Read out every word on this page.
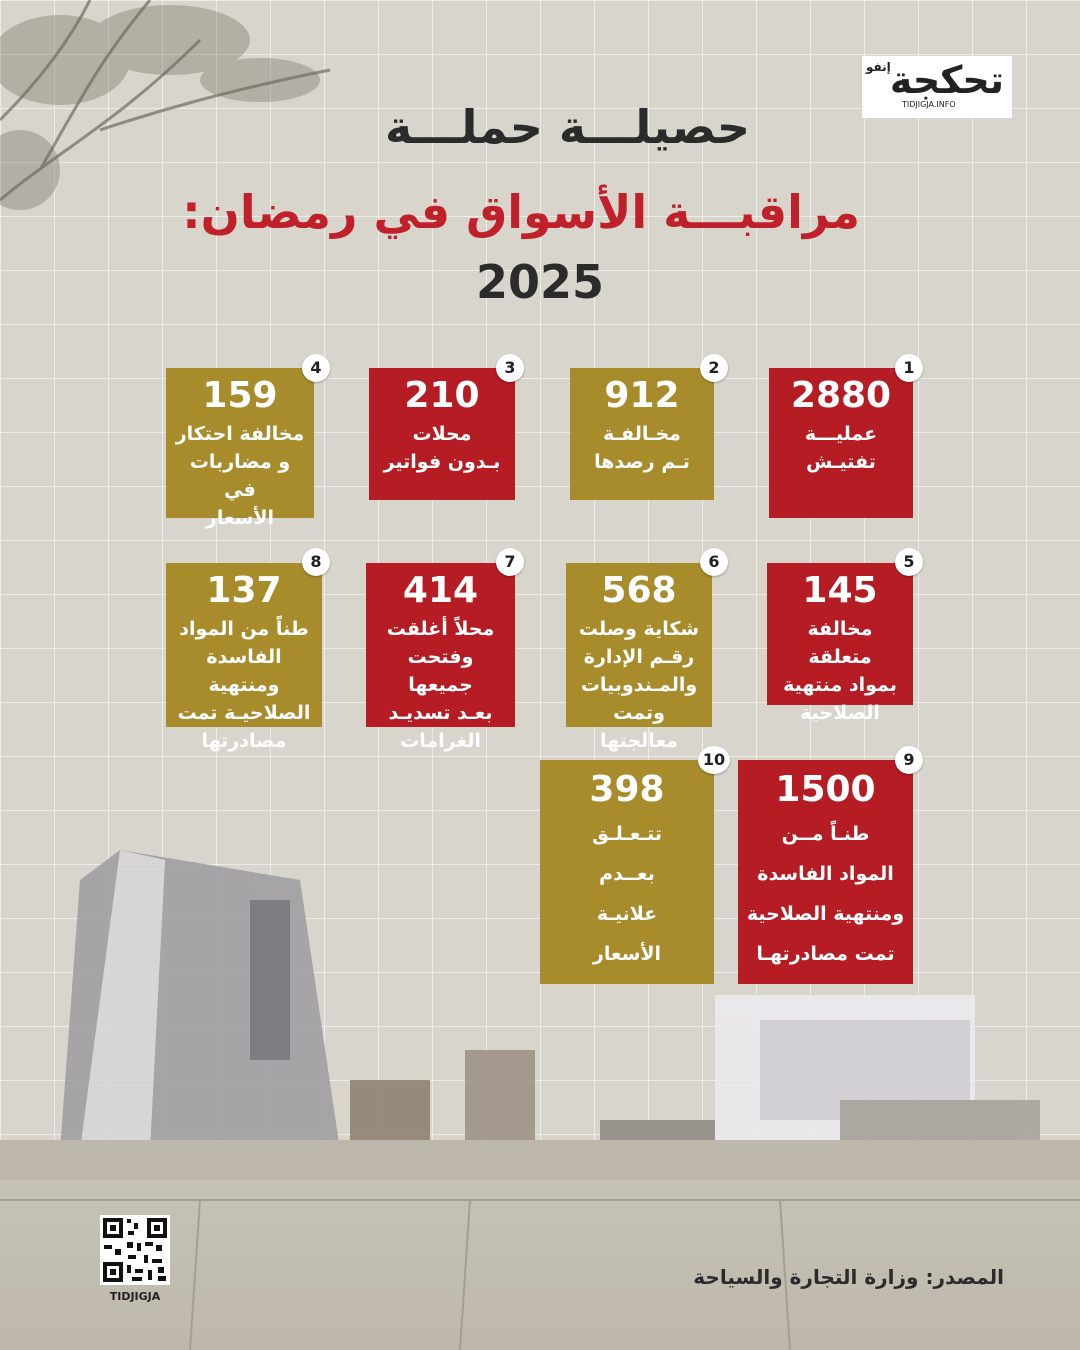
إنفو تحكجة
TIDJIGJA.INFO
حصيلـــة حملـــة
مراقبـــة الأسواق في رمضان:
2025
2880
عمليـــة
تفتيـش
1
912
مخـالفـة
تـم رصدها
2
210
محلات
بـدون فواتير
3
159
مخالفة احتكار
و مضاربات في
الأسعار
4
145
مخالفة متعلقة
بمواد منتهية
الصلاحية
5
568
شكاية وصلت
رقـم الإدارة
والمـندوبيات
وتمت معالجتها
6
414
محلاً أغلقت
وفتحت جميعها
بعـد تسديـد
الغرامات
7
137
طناً من المواد
الفاسدة ومنتهية
الصلاحيـة تمت
مصادرتها
8
1500
طنـاً مــن
المواد الفاسدة
ومنتهية الصلاحية
تمت مصادرتهـا
9
398
تتـعـلـق
بعــدم
علانيـة
الأسعار
10
TIDJIGJA
المصدر: وزارة التجارة والسياحة
